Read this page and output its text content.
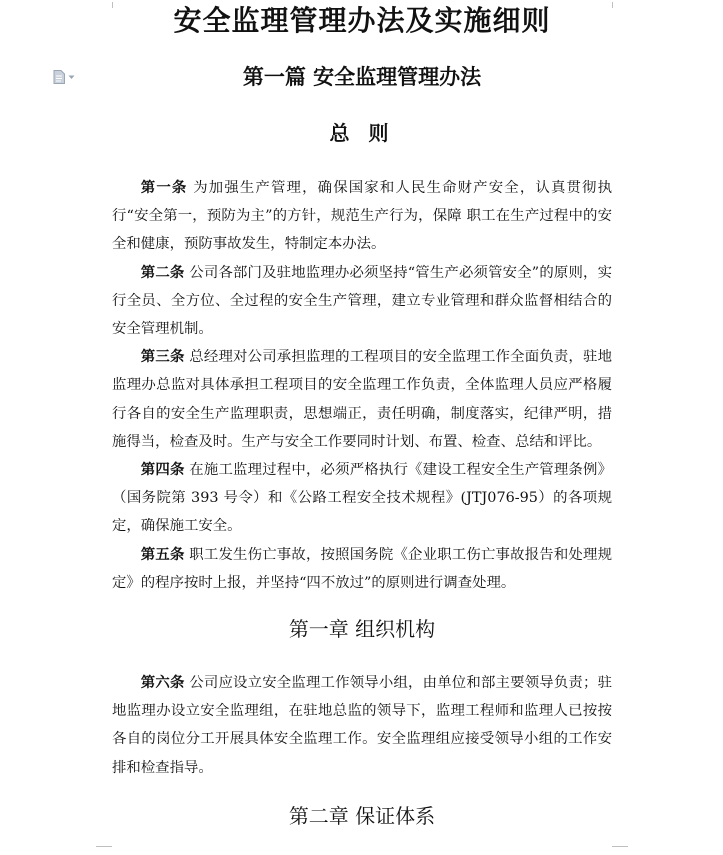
安全监理管理办法及实施细则
第一篇 安全监理管理办法
总 则

第一条 为加强生产管理，确保国家和人民生命财产安全，认真贯彻执行“安全第一，预防为主”的方针，规范生产行为，保障 职工在生产过程中的安全和健康，预防事故发生，特制定本办法。

第二条 公司各部门及驻地监理办必须坚持“管生产必须管安全”的原则，实行全员、全方位、全过程的安全生产管理，建立专业管理和群众监督相结合的安全管理机制。

第三条 总经理对公司承担监理的工程项目的安全监理工作全面负责，驻地监理办总监对具体承担工程项目的安全监理工作负责，全体监理人员应严格履行各自的安全生产监理职责，思想端正，责任明确，制度落实，纪律严明，措施得当，检查及时。生产与安全工作要同时计划、布置、检查、总结和评比。

第四条 在施工监理过程中，必须严格执行《建设工程安全生产管理条例》（国务院第 393 号令）和《公路工程安全技术规程》(JTJ076-95）的各项规定，确保施工安全。

第五条 职工发生伤亡事故，按照国务院《企业职工伤亡事故报告和处理规定》的程序按时上报，并坚持“四不放过”的原则进行调查处理。

第一章 组织机构

第六条 公司应设立安全监理工作领导小组，由单位和部主要领导负责；驻地监理办设立安全监理组，在驻地总监的领导下，监理工程师和监理人已按按各自的岗位分工开展具体安全监理工作。安全监理组应接受领导小组的工作安排和检查指导。

第二章 保证体系
